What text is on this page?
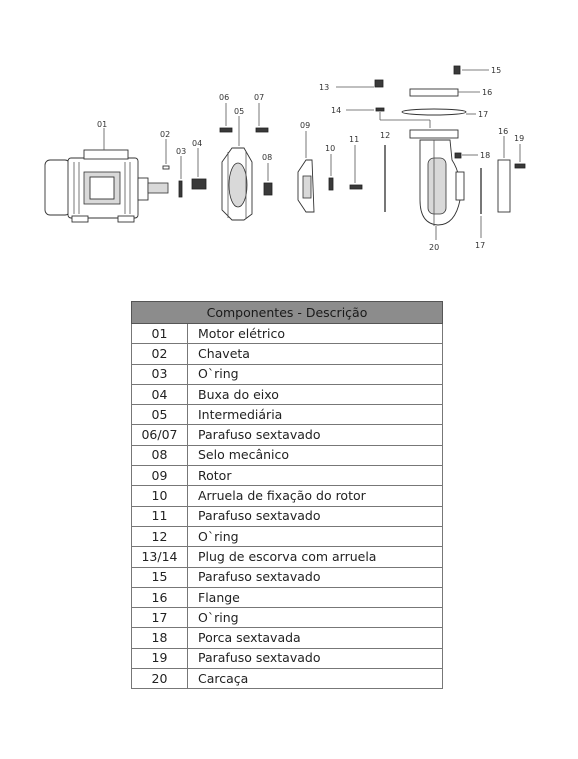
01
02
03
04
05
06	07
08
09
10
11	12
13
14
15
16
17
18
16
19
20	17
Componentes - Descrição	
01	Motor elétrico
02	Chaveta
03	O`ring
04	Buxa do eixo
05	Intermediária
06/07	Parafuso sextavado
08	Selo mecânico
09	Rotor
10	Arruela de fixação do rotor
11	Parafuso sextavado
12	O`ring
13/14	Plug de escorva com arruela
15	Parafuso sextavado
16	Flange
17	O`ring
18	Porca sextavada
19	Parafuso sextavado
20	Carcaça
